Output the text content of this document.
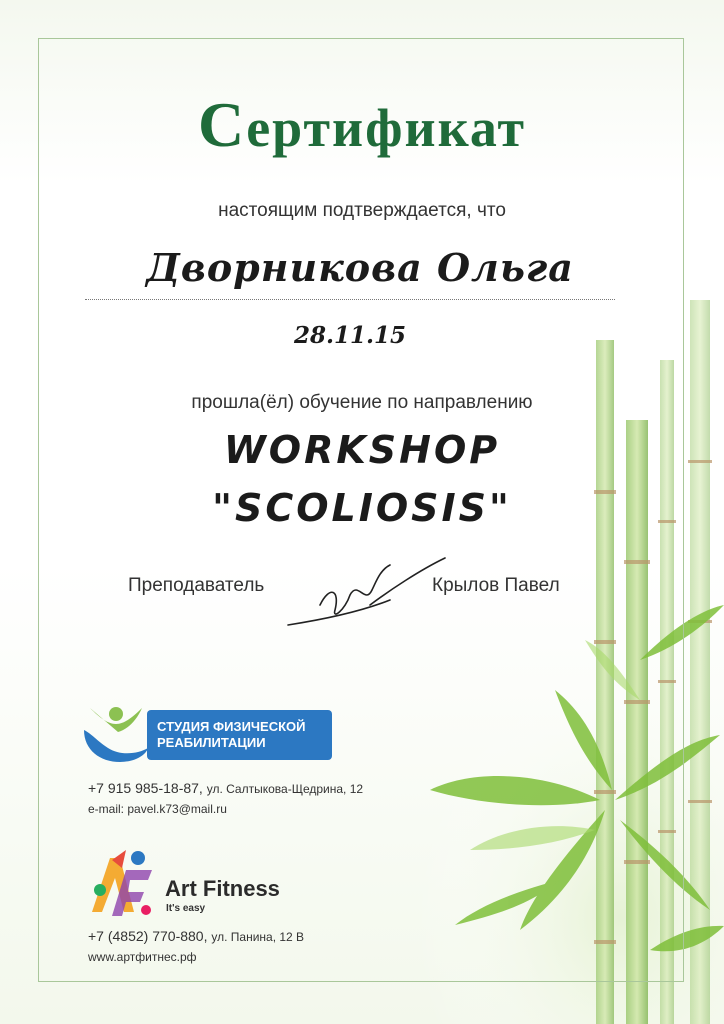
Сертификат
настоящим подтверждается, что
Дворникова Ольга
28.11.15
прошла(ёл) обучение по направлению
WORKSHOP
"SCOLIOSIS"
Преподаватель	Крылов Павел
СТУДИЯ ФИЗИЧЕСКОЙ
РЕАБИЛИТАЦИИ
+7 915 985-18-87, ул. Салтыкова-Щедрина, 12
e-mail: pavel.k73@mail.ru
Art Fitness
It's easy
+7 (4852) 770-880, ул. Панина, 12 В
www.артфитнес.рф
